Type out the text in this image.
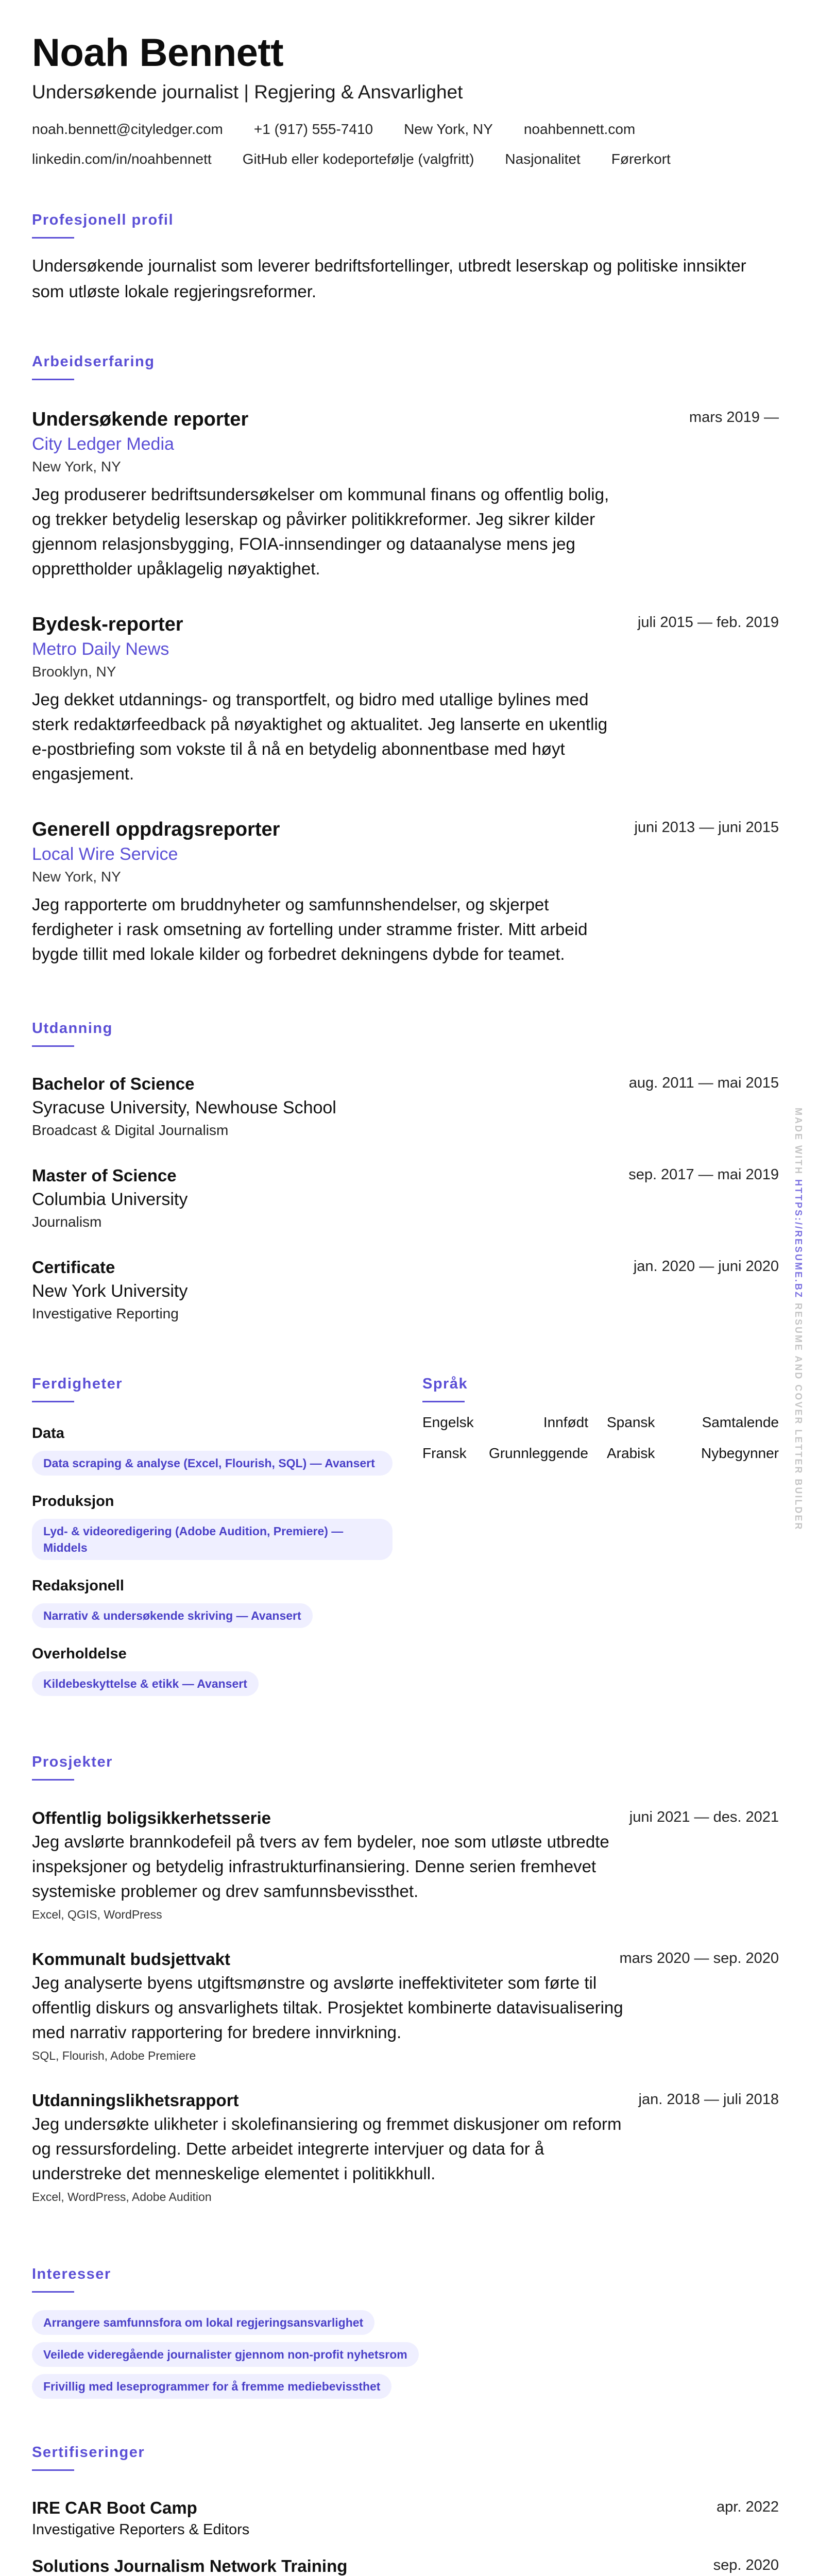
Noah Bennett
Undersøkende journalist | Regjering & Ansvarlighet
noah.bennett@cityledger.com +1 (917) 555-7410 New York, NY noahbennett.com
linkedin.com/in/noahbennett GitHub eller kodeportefølje (valgfritt) Nasjonalitet Førerkort
Profesjonell profil
Undersøkende journalist som leverer bedriftsfortellinger, utbredt leserskap og politiske innsikter som utløste lokale regjeringsreformer.
Arbeidserfaring
Undersøkende reporter	mars 2019 —
City Ledger Media
New York, NY
Jeg produserer bedriftsundersøkelser om kommunal finans og offentlig bolig, og trekker betydelig leserskap og påvirker politikkreformer. Jeg sikrer kilder gjennom relasjonsbygging, FOIA-innsendinger og dataanalyse mens jeg opprettholder upåklagelig nøyaktighet.
Bydesk-reporter	juli 2015 — feb. 2019
Metro Daily News
Brooklyn, NY
Jeg dekket utdannings- og transportfelt, og bidro med utallige bylines med sterk redaktørfeedback på nøyaktighet og aktualitet. Jeg lanserte en ukentlig e-postbriefing som vokste til å nå en betydelig abonnentbase med høyt engasjement.
Generell oppdragsreporter	juni 2013 — juni 2015
Local Wire Service
New York, NY
Jeg rapporterte om bruddnyheter og samfunnshendelser, og skjerpet ferdigheter i rask omsetning av fortelling under stramme frister. Mitt arbeid bygde tillit med lokale kilder og forbedret dekningens dybde for teamet.
Utdanning
Bachelor of Science	aug. 2011 — mai 2015
Syracuse University, Newhouse School
Broadcast & Digital Journalism
Master of Science	sep. 2017 — mai 2019
Columbia University
Journalism
Certificate	jan. 2020 — juni 2020
New York University
Investigative Reporting
Ferdigheter
Data
Data scraping & analyse (Excel, Flourish, SQL) — Avansert
Produksjon
Lyd- & videoredigering (Adobe Audition, Premiere) — Middels
Redaksjonell
Narrativ & undersøkende skriving — Avansert
Overholdelse
Kildebeskyttelse & etikk — Avansert
Språk
Engelsk	Innfødt Spansk	Samtalende
Fransk Grunnleggende Arabisk	Nybegynner
Prosjekter
Offentlig boligsikkerhetsserie	juni 2021 — des. 2021
Jeg avslørte brannkodefeil på tvers av fem bydeler, noe som utløste utbredte inspeksjoner og betydelig infrastrukturfinansiering. Denne serien fremhevet systemiske problemer og drev samfunnsbevissthet.
Excel, QGIS, WordPress
Kommunalt budsjettvakt	mars 2020 — sep. 2020
Jeg analyserte byens utgiftsmønstre og avslørte ineffektiviteter som førte til offentlig diskurs og ansvarlighets tiltak. Prosjektet kombinerte datavisualisering med narrativ rapportering for bredere innvirkning.
SQL, Flourish, Adobe Premiere
Utdanningslikhetsrapport	jan. 2018 — juli 2018
Jeg undersøkte ulikheter i skolefinansiering og fremmet diskusjoner om reform og ressursfordeling. Dette arbeidet integrerte intervjuer og data for å understreke det menneskelige elementet i politikkhull.
Excel, WordPress, Adobe Audition
Interesser
Arrangere samfunnsfora om lokal regjeringsansvarlighet
Veilede videregående journalister gjennom non-profit nyhetsrom
Frivillig med leseprogrammer for å fremme mediebevissthet
Sertifiseringer
IRE CAR Boot Camp	apr. 2022
Investigative Reporters & Editors
Solutions Journalism Network Training	sep. 2020
MADE WITH HTTPS://RESUME.BZ RESUME AND COVER LETTER BUILDER
